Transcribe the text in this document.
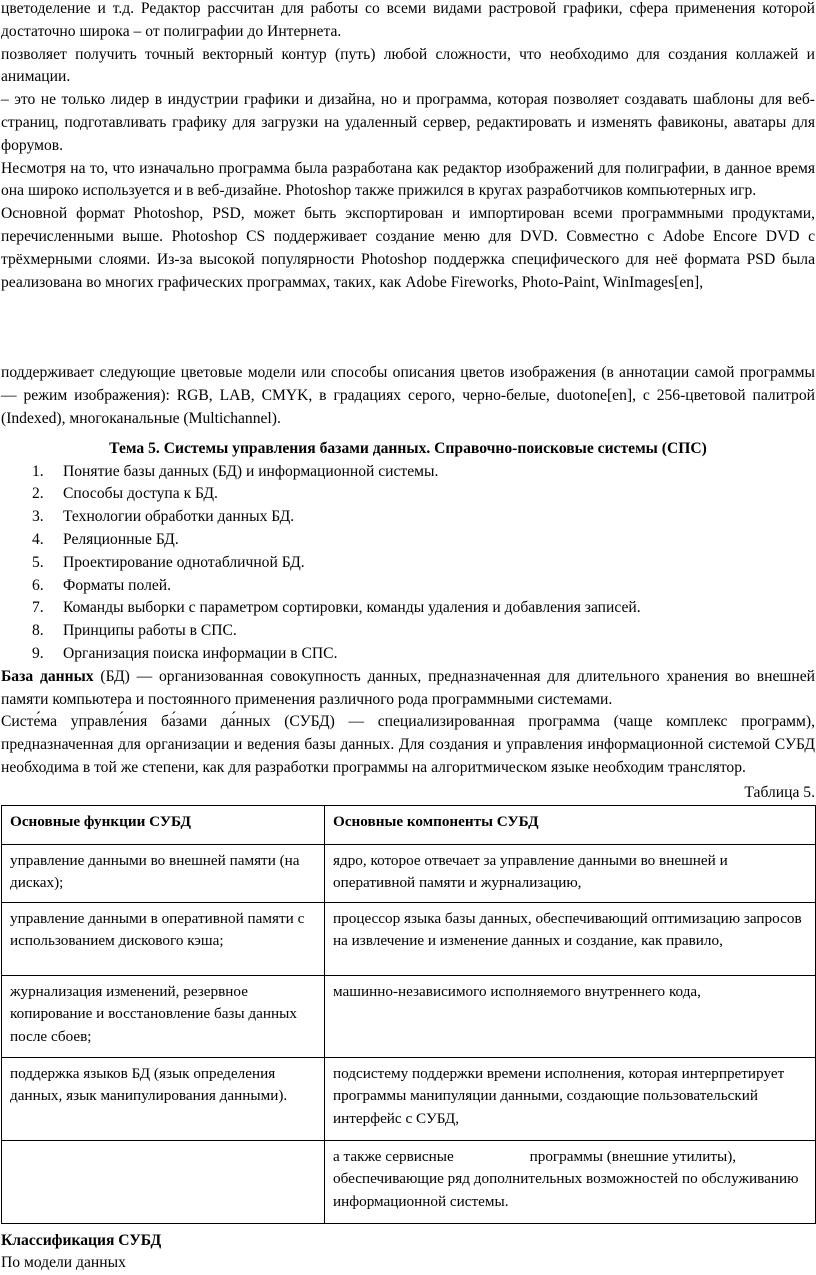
цветоделение и т.д. Редактор рассчитан для работы со всеми видами растровой графики, сфера применения которой достаточно широка – от полиграфии до Интернета.

позволяет получить точный векторный контур (путь) любой сложности, что необходимо для создания коллажей и анимации.

– это не только лидер в индустрии графики и дизайна, но и программа, которая позволяет создавать шаблоны для веб-страниц, подготавливать графику для загрузки на удаленный сервер, редактировать и изменять фавиконы, аватары для форумов.

Несмотря на то, что изначально программа была разработана как редактор изображений для полиграфии, в данное время она широко используется и в веб-дизайне. Photoshop также прижился в кругах разработчиков компьютерных игр.

Основной формат Photoshop, PSD, может быть экспортирован и импортирован всеми программными продуктами, перечисленными выше. Photoshop CS поддерживает создание меню для DVD. Совместно с Adobe Encore DVD с трёхмерными слоями. Из-за высокой популярности Photoshop поддержка специфического для неё формата PSD была реализована во многих графических программах, таких, как Adobe Fireworks, Photo-Paint, WinImages[en],

поддерживает следующие цветовые модели или способы описания цветов изображения (в аннотации самой программы — режим изображения): RGB, LAB, CMYK, в градациях серого, черно-белые, duotone[en], с 256-цветовой палитрой (Indexed), многоканальные (Multichannel).

Тема 5. Системы управления базами данных. Справочно-поисковые системы (СПС)
1. Понятие базы данных (БД) и информационной системы.
2. Способы доступа к БД.
3. Технологии обработки данных БД.
4. Реляционные БД.
5. Проектирование однотабличной БД.
6. Форматы полей.
7. Команды выборки с параметром сортировки, команды удаления и добавления записей.
8. Принципы работы в СПС.
9. Организация поиска информации в СПС.

База данных (БД) — организованная совокупность данных, предназначенная для длительного хранения во внешней памяти компьютера и постоянного применения различного рода программными системами.

Систе́ма управле́ния ба́зами да́нных (СУБД) — специализированная программа (чаще комплекс программ), предназначенная для организации и ведения базы данных. Для создания и управления информационной системой СУБД необходима в той же степени, как для разработки программы на алгоритмическом языке необходим транслятор.

Таблица 5.
Основные функции СУБД	Основные компоненты СУБД
управление данными во внешней памяти (на дисках);	ядро, которое отвечает за управление данными во внешней и оперативной памяти и журнализацию,
управление данными в оперативной памяти с использованием дискового кэша;	процессор языка базы данных, обеспечивающий оптимизацию запросов на извлечение и изменение данных и создание, как правило,
журнализация изменений, резервное копирование и восстановление базы данных после сбоев;	машинно-независимого исполняемого внутреннего кода,
поддержка языков БД (язык определения данных, язык манипулирования данными).	подсистему поддержки времени исполнения, которая интерпретирует программы манипуляции данными, создающие пользовательский интерфейс с СУБД,
	а также сервисные                    программы (внешние утилиты), обеспечивающие ряд дополнительных возможностей по обслуживанию информационной системы.
Классификация СУБД
По модели данных
